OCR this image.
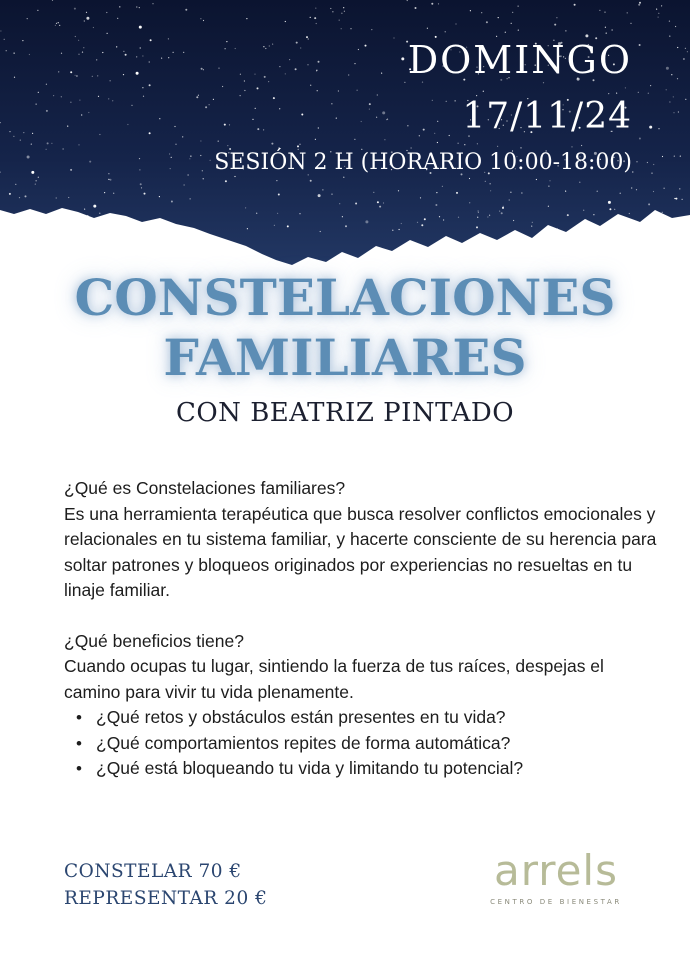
DOMINGO
17/11/24
SESIÓN 2 H (HORARIO 10:00-18:00)
CONSTELACIONES
FAMILIARES
CON BEATRIZ PINTADO

¿Qué es Constelaciones familiares?

Es una herramienta terapéutica que busca resolver conflictos emocionales y relacionales en tu sistema familiar, y hacerte consciente de su herencia para soltar patrones y bloqueos originados por experiencias no resueltas en tu linaje familiar.

¿Qué beneficios tiene?

Cuando ocupas tu lugar, sintiendo la fuerza de tus raíces, despejas el camino para vivir tu vida plenamente.

• ¿Qué retos y obstáculos están presentes en tu vida?
• ¿Qué comportamientos repites de forma automática?
• ¿Qué está bloqueando tu vida y limitando tu potencial?
CONSTELAR 70 €
REPRESENTAR 20 €
arrels
CENTRO DE BIENESTAR
